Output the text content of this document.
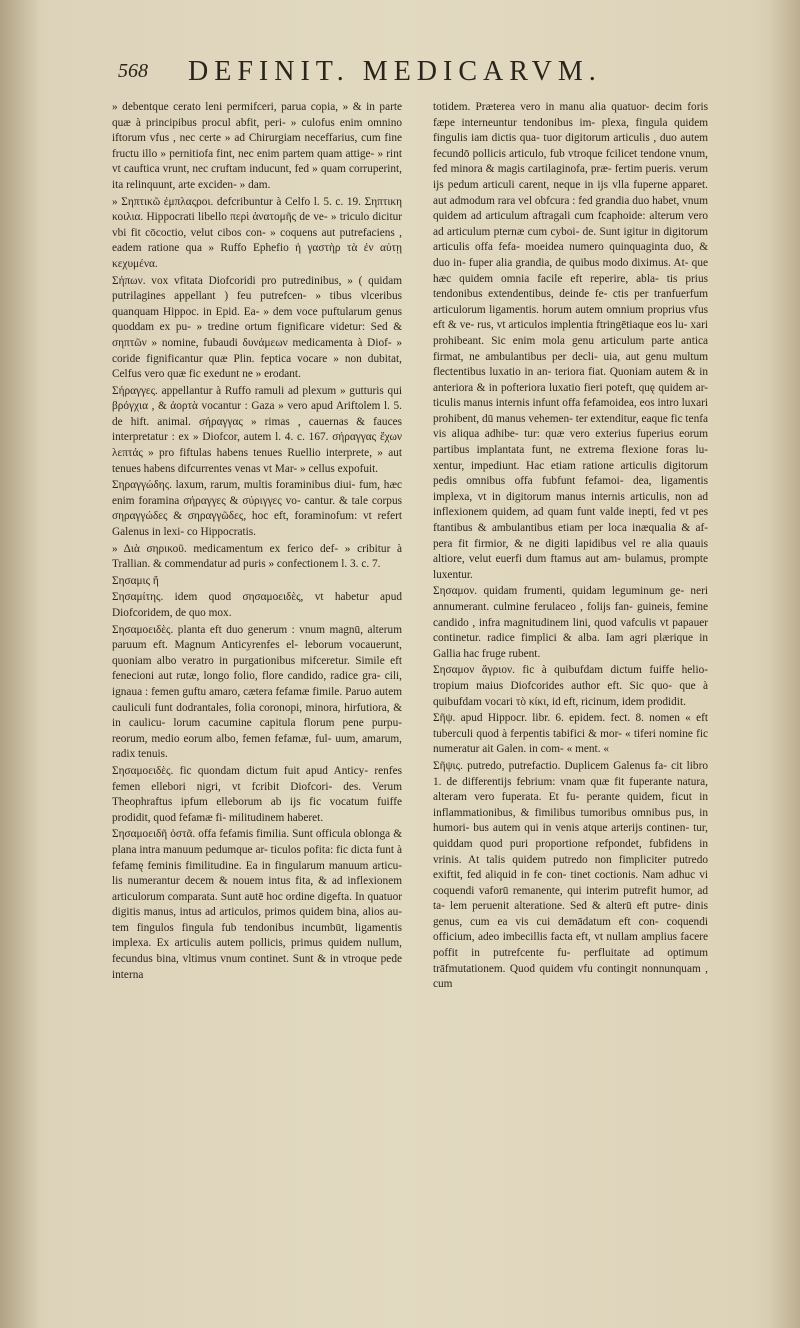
568 DEFINIT. MEDICARVM.

» debentque cerato leni permifceri, parua copia, » & in parte quæ à principibus procul abfit, peri- » culofus enim omnino iftorum vfus , nec certe » ad Chirurgiam neceffarius, cum fine fructu illo » pernitiofa fint, nec enim partem quam attige- » rint vt cauftica vrunt, nec cruftam inducunt, fed » quam corruperint, ita relinquunt, arte exciden- » dam.

» Σηπτικῶ ἐμπλαςροι. defcribuntur à Celfo l. 5. c. 19. Σηπτικη κοιλια. Hippocrati libello περὶ ἀνατομῆς de ve- » triculo dicitur vbi fit cōcoctio, velut cibos con- » coquens aut putrefaciens , eadem ratione qua » Ruffo Ephefio ἡ γαστὴρ τὰ ἐν αὐτῃ κεχυμένα.

Σήπων. vox vfitata Diofcoridi pro putredinibus, » ( quidam putrilagines appellant ) feu putrefcen- » tibus vlceribus quanquam Hippoc. in Epid. Ea- » dem voce puftularum genus quoddam ex pu- » tredine ortum fignificare videtur: Sed & σηπτῶν » nomine, fubaudi δυνάμεων medicamenta à Diof- » coride fignificantur quæ Plin. feptica vocare » non dubitat, Celfus vero quæ fic exedunt ne » erodant.

Σήραγγες. appellantur à Ruffo ramuli ad plexum » gutturis qui βρόγχια , & ἀορτὰ vocantur : Gaza » vero apud Ariftolem l. 5. de hift. animal. σήραγγας » rimas , cauernas & fauces interpretatur : ex » Diofcor, autem l. 4. c. 167. σήραγγας ἔχων λεπτάς » pro fiftulas habens tenues Ruellio interprete, » aut tenues habens difcurrentes venas vt Mar- » cellus expofuit.

Σηραγγώδης. laxum, rarum, multis foraminibus diui- fum, hæc enim foramina σήραγγες & σύριγγες vo- cantur. & tale corpus σηραγγώδες & σηραγγῶδες, hoc eft, foraminofum: vt refert Galenus in lexi- co Hippocratis.

» Διὰ σηρικοῦ. medicamentum ex ferico def- » cribitur à Trallian. & commendatur ad puris » confectionem l. 3. c. 7.

Σησαμις ἤ

Σησαμίτης. idem quod σησαμοειδὲς, vt habetur apud Diofcoridem, de quo mox.

Σησαμοειδὲς. planta eft duo generum : vnum magnū, alterum paruum eft. Magnum Anticyrenfes el- leborum vocauerunt, quoniam albo veratro in purgationibus mifceretur. Simile eft fenecioni aut rutæ, longo folio, flore candido, radice gra- cili, ignaua : femen guftu amaro, cætera fefamæ fimile. Paruo autem cauliculi funt dodrantales, folia coronopi, minora, hirfutiora, & in caulicu- lorum cacumine capitula florum pene purpu- reorum, medio eorum albo, femen fefamæ, ful- uum, amarum, radix tenuis.

Σησαμοειδὲς. fic quondam dictum fuit apud Anticy- renfes femen ellebori nigri, vt fcribit Diofcori- des. Verum Theophraftus ipfum elleborum ab ijs fic vocatum fuiffe prodidit, quod fefamæ fi- militudinem haberet.

Σησαμοειδῆ ὀστᾶ. offa fefamis fimilia. Sunt officula oblonga & plana intra manuum pedumque ar- ticulos pofita: fic dicta funt à fefamę feminis fimilitudine. Ea in fingularum manuum articu- lis numerantur decem & nouem intus fita, & ad inflexionem articulorum comparata. Sunt autē hoc ordine digefta. In quatuor digitis manus, intus ad articulos, primos quidem bina, alios au- tem fingulos fingula fub tendonibus incumbūt, ligamentis implexa. Ex articulis autem pollicis, primus quidem nullum, fecundus bina, vltimus vnum continet. Sunt & in vtroque pede interna

totidem. Præterea vero in manu alia quatuor- decim foris fæpe interneuntur tendonibus im- plexa, fingula quidem fingulis iam dictis qua- tuor digitorum articulis , duo autem fecundō pollicis articulo, fub vtroque fcilicet tendone vnum, fed minora & magis cartilaginofa, præ- fertim pueris. verum ijs pedum articuli carent, neque in ijs vlla fuperne apparet. aut admodum rara vel obfcura : fed grandia duo habet, vnum quidem ad articulum aftragali cum fcaphoide: alterum vero ad articulum pternæ cum cyboi- de. Sunt igitur in digitorum articulis offa fefa- moeidea numero quinquaginta duo, & duo in- fuper alia grandia, de quibus modo diximus. At- que hæc quidem omnia facile eft reperire, abla- tis prius tendonibus extendentibus, deinde fe- ctis per tranfuerfum articulorum ligamentis. horum autem omnium proprius vfus eft & ve- rus, vt articulos implentia ftringētiaque eos lu- xari prohibeant. Sic enim mola genu articulum parte antica firmat, ne ambulantibus per decli- uia, aut genu multum flectentibus luxatio in an- teriora fiat. Quoniam autem & in anteriora & in pofteriora luxatio fieri poteft, quę quidem ar- ticulis manus internis infunt offa fefamoidea, eos intro luxari prohibent, dū manus vehemen- ter extenditur, eaque fic tenfa vis aliqua adhibe- tur: quæ vero exterius fuperius eorum partibus implantata funt, ne extrema flexione foras lu- xentur, impediunt. Hac etiam ratione articulis digitorum pedis omnibus offa fubfunt fefamoi- dea, ligamentis implexa, vt in digitorum manus internis articulis, non ad inflexionem quidem, ad quam funt valde inepti, fed vt pes ftantibus & ambulantibus etiam per loca inæqualia & af- pera fit firmior, & ne digiti lapidibus vel re alia quauis altiore, velut euerfi dum ftamus aut am- bulamus, prompte luxentur.

Σησαμον. quidam frumenti, quidam leguminum ge- neri annumerant. culmine ferulaceo , folijs fan- guineis, femine candido , infra magnitudinem lini, quod vafculis vt papauer continetur. radice fimplici & alba. Iam agri plærique in Gallia hac fruge rubent.

Σησαμον ἄγριον. fic à quibufdam dictum fuiffe helio- tropium maius Diofcorides author eft. Sic quo- que à quibufdam vocari τὸ κίκι, id eft, ricinum, idem prodidit.

Σῆψ. apud Hippocr. libr. 6. epidem. fect. 8. nomen « eft tuberculi quod à ferpentis tabifici & mor- « tiferi nomine fic numeratur ait Galen. in com- « ment. «

Σῆψις. putredo, putrefactio. Duplicem Galenus fa- cit libro 1. de differentijs febrium: vnam quæ fit fuperante natura, alteram vero fuperata. Et fu- perante quidem, ficut in inflammationibus, & fimilibus tumoribus omnibus pus, in humori- bus autem qui in venis atque arterijs continen- tur, quiddam quod puri proportione refpondet, fubfidens in vrinis. At talis quidem putredo non fimpliciter putredo exiftit, fed aliquid in fe con- tinet coctionis. Nam adhuc vi coquendi vaforū remanente, qui interim putrefit humor, ad ta- lem peruenit alteratione. Sed & alterū eft putre- dinis genus, cum ea vis cui demādatum eft con- coquendi officium, adeo imbecillis facta eft, vt nullam amplius facere poffit in putrefcente fu- perfluitate ad optimum trāfmutationem. Quod quidem vfu contingit nonnunquam , cum
